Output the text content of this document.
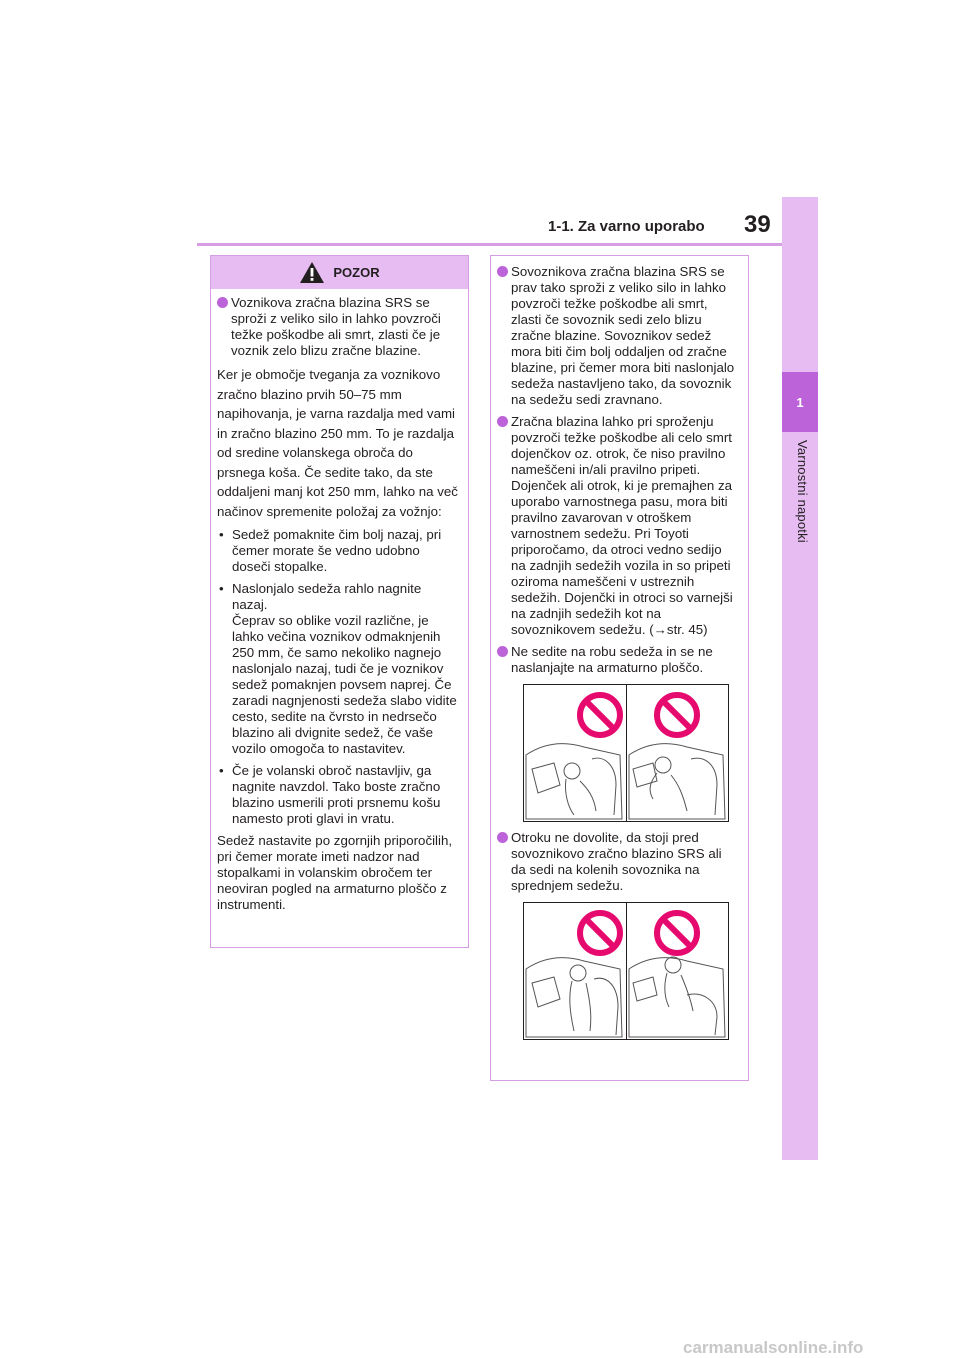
1-1. Za varno uporabo 39
1
Varnostni napotki
POZOR
Voznikova zračna blazina SRS se sproži z veliko silo in lahko povzroči težke poškodbe ali smrt, zlasti če je voznik zelo blizu zračne blazine.
Ker je območje tveganja za voznikovo zračno blazino prvih 50–75 mm napihovanja, je varna razdalja med vami in zračno blazino 250 mm. To je razdalja od sredine volanskega obroča do prsnega koša. Če sedite tako, da ste oddaljeni manj kot 250 mm, lahko na več načinov spremenite položaj za vožnjo:
• Sedež pomaknite čim bolj nazaj, pri čemer morate še vedno udobno doseči stopalke.
• Naslonjalo sedeža rahlo nagnite nazaj.
Čeprav so oblike vozil različne, je lahko večina voznikov odmaknjenih 250 mm, če samo nekoliko nagnejo naslonjalo nazaj, tudi če je voznikov sedež pomaknjen povsem naprej. Če zaradi nagnjenosti sedeža slabo vidite cesto, sedite na čvrsto in nedrsečo blazino ali dvignite sedež, če vaše vozilo omogoča to nastavitev.
• Če je volanski obroč nastavljiv, ga nagnite navzdol. Tako boste zračno blazino usmerili proti prsnemu košu namesto proti glavi in vratu.
Sedež nastavite po zgornjih priporočilih, pri čemer morate imeti nadzor nad stopalkami in volanskim obročem ter neoviran pogled na armaturno ploščo z instrumenti.
Sovoznikova zračna blazina SRS se prav tako sproži z veliko silo in lahko povzroči težke poškodbe ali smrt, zlasti če sovoznik sedi zelo blizu zračne blazine. Sovoznikov sedež mora biti čim bolj oddaljen od zračne blazine, pri čemer mora biti naslonjalo sedeža nastavljeno tako, da sovoznik na sedežu sedi zravnano.
Zračna blazina lahko pri sproženju povzroči težke poškodbe ali celo smrt dojenčkov oz. otrok, če niso pravilno nameščeni in/ali pravilno pripeti. Dojenček ali otrok, ki je premajhen za uporabo varnostnega pasu, mora biti pravilno zavarovan v otroškem varnostnem sedežu. Pri Toyoti priporočamo, da otroci vedno sedijo na zadnjih sedežih vozila in so pripeti oziroma nameščeni v ustreznih sedežih. Dojenčki in otroci so varnejši na zadnjih sedežih kot na sovoznikovem sedežu. (→str. 45)
Ne sedite na robu sedeža in se ne naslanjajte na armaturno ploščo.
Otroku ne dovolite, da stoji pred sovoznikovo zračno blazino SRS ali da sedi na kolenih sovoznika na sprednjem sedežu.
carmanualsonline.info
